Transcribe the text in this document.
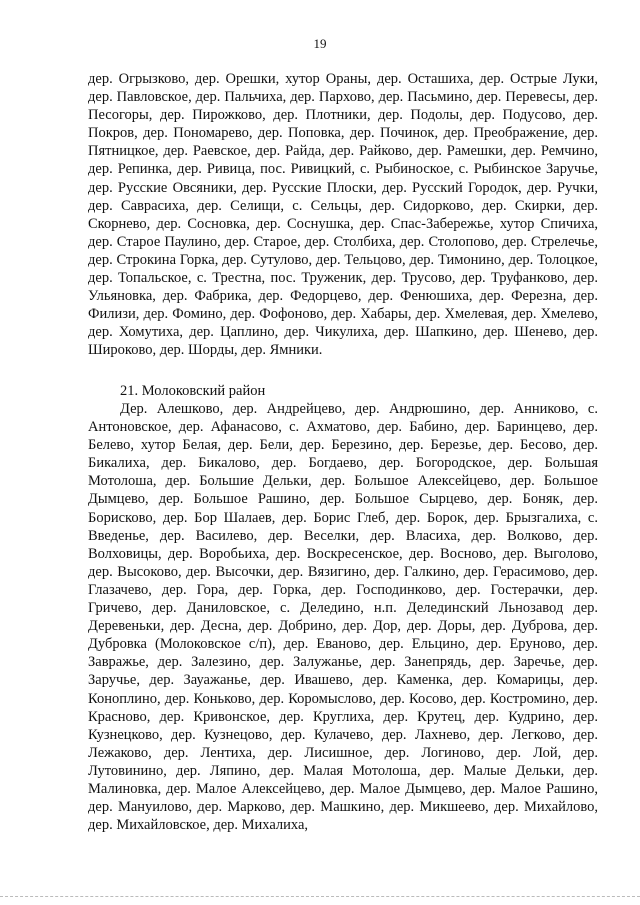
19

дер. Огрызково, дер. Орешки, хутор Ораны, дер. Осташиха, дер. Острые Луки, дер. Павловское, дер. Пальчиха, дер. Пархово, дер. Пасьмино, дер. Перевесы, дер. Песогоры, дер. Пирожково, дер. Плотники, дер. Подолы, дер. Подусово, дер. Покров, дер. Пономарево, дер. Поповка, дер. Починок, дер. Преображение, дер. Пятницкое, дер. Раевское, дер. Райда, дер. Райково, дер. Рамешки, дер. Ремчино, дер. Репинка, дер. Ривица, пос. Ривицкий, с. Рыбиноское, с. Рыбинское Заручье, дер. Русские Овсяники, дер. Русские Плоски, дер. Русский Городок, дер. Ручки, дер. Саврасиха, дер. Селищи, с. Сельцы, дер. Сидорково, дер. Скирки, дер. Скорнево, дер. Сосновка, дер. Соснушка, дер. Спас-Забережье, хутор Спичиха, дер. Старое Паулино, дер. Старое, дер. Столбиха, дер. Столопово, дер. Стрелечье, дер. Строкина Горка, дер. Сутулово, дер. Тельцово, дер. Тимонино, дер. Толоцкое, дер. Топальское, с. Трестна, пос. Труженик, дер. Трусово, дер. Труфанково, дер. Ульяновка, дер. Фабрика, дер. Федорцево, дер. Фенюшиха, дер. Ферезна, дер. Филизи, дер. Фомино, дер. Фофоново, дер. Хабары, дер. Хмелевая, дер. Хмелево, дер. Хомутиха, дер. Цаплино, дер. Чикулиха, дер. Шапкино, дер. Шенево, дер. Широково, дер. Шорды, дер. Ямники.

21. Молоковский район

Дер. Алешково, дер. Андрейцево, дер. Андрюшино, дер. Анниково, с. Антоновское, дер. Афанасово, с. Ахматово, дер. Бабино, дер. Баринцево, дер. Белево, хутор Белая, дер. Бели, дер. Березино, дер. Березье, дер. Бесово, дер. Бикалиха, дер. Бикалово, дер. Богдаево, дер. Богородское, дер. Большая Мотолоша, дер. Большие Дельки, дер. Большое Алексейцево, дер. Большое Дымцево, дер. Большое Рашино, дер. Большое Сырцево, дер. Боняк, дер. Борисково, дер. Бор Шалаев, дер. Борис Глеб, дер. Борок, дер. Брызгалиха, с. Введенье, дер. Василево, дер. Веселки, дер. Власиха, дер. Волково, дер. Волховицы, дер. Воробьиха, дер. Воскресенское, дер. Восново, дер. Выголово, дер. Высоково, дер. Высочки, дер. Вязигино, дер. Галкино, дер. Герасимово, дер. Глазачево, дер. Гора, дер. Горка, дер. Господинково, дер. Гостерачки, дер. Гричево, дер. Даниловское, с. Деледино, н.п. Делединский Льнозавод дер. Деревеньки, дер. Десна, дер. Добрино, дер. Дор, дер. Доры, дер. Дуброва, дер. Дубровка (Молоковское с/п), дер. Еваново, дер. Ельцино, дер. Еруново, дер. Завражье, дер. Залезино, дер. Залужанье, дер. Занепрядь, дер. Заречье, дер. Заручье, дер. Зауажанье, дер. Ивашево, дер. Каменка, дер. Комарицы, дер. Коноплино, дер. Коньково, дер. Коромыслово, дер. Косово, дер. Костромино, дер. Красново, дер. Кривонское, дер. Круглиха, дер. Крутец, дер. Кудрино, дер. Кузнецково, дер. Кузнецово, дер. Кулачево, дер. Лахнево, дер. Легково, дер. Лежаково, дер. Лентиха, дер. Лисишное, дер. Логиново, дер. Лой, дер. Лутовинино, дер. Ляпино, дер. Малая Мотолоша, дер. Малые Дельки, дер. Малиновка, дер. Малое Алексейцево, дер. Малое Дымцево, дер. Малое Рашино, дер. Мануилово, дер. Марково, дер. Машкино, дер. Микшеево, дер. Михайлово, дер. Михайловское, дер. Михалиха,
